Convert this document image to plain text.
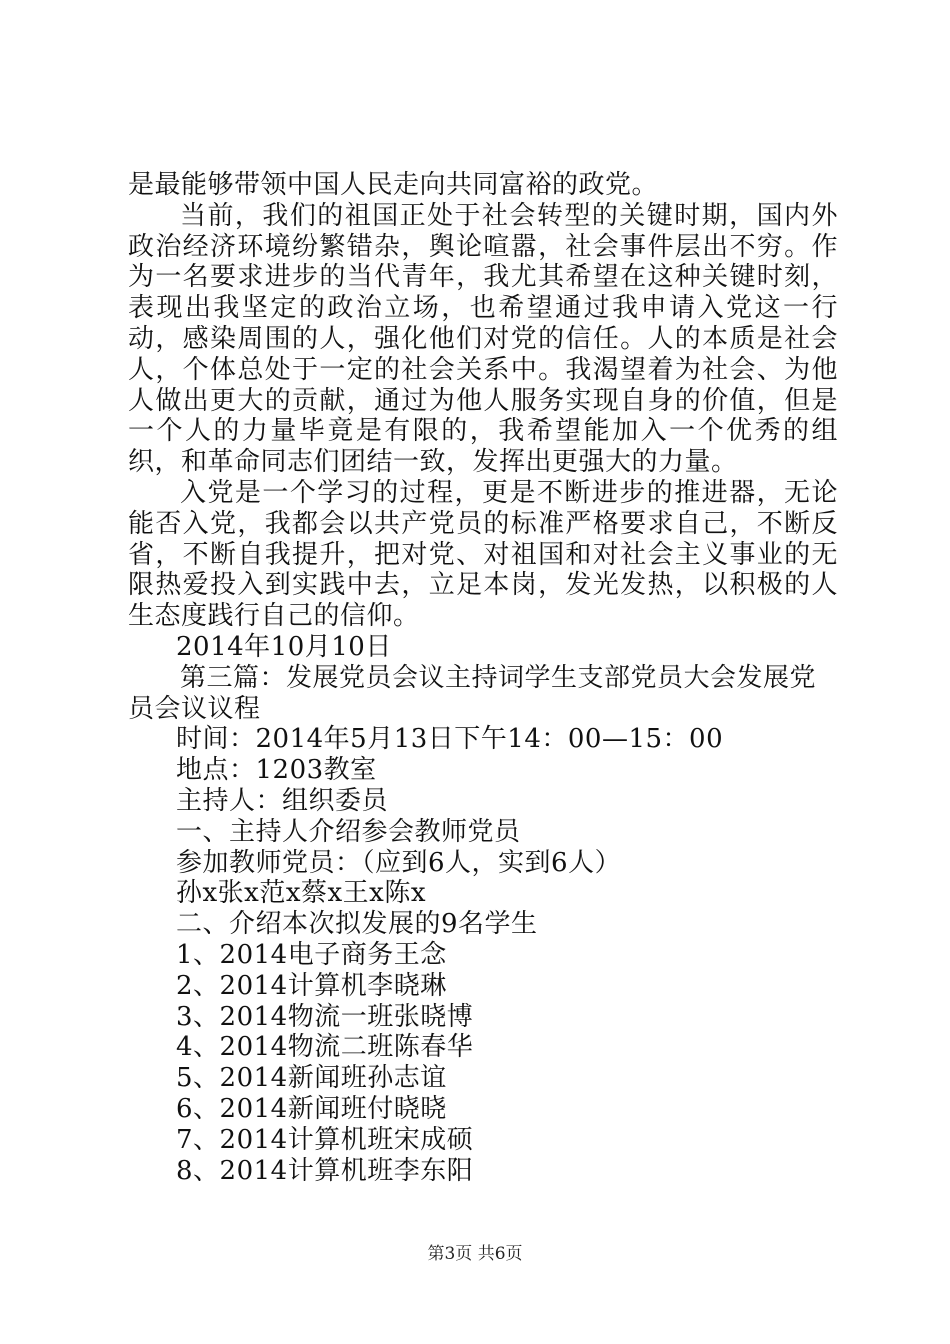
是最能够带领中国人民走向共同富裕的政党。

当前，我们的祖国正处于社会转型的关键时期，国内外政治经济环境纷繁错杂，舆论喧嚣，社会事件层出不穷。作为一名要求进步的当代青年，我尤其希望在这种关键时刻，表现出我坚定的政治立场，也希望通过我申请入党这一行动，感染周围的人，强化他们对党的信任。人的本质是社会人，个体总处于一定的社会关系中。我渴望着为社会、为他人做出更大的贡献，通过为他人服务实现自身的价值，但是一个人的力量毕竟是有限的，我希望能加入一个优秀的组织，和革命同志们团结一致，发挥出更强大的力量。

入党是一个学习的过程，更是不断进步的推进器，无论能否入党，我都会以共产党员的标准严格要求自己，不断反省，不断自我提升，把对党、对祖国和对社会主义事业的无限热爱投入到实践中去，立足本岗，发光发热，以积极的人生态度践行自己的信仰。

2014年10月10日

第三篇：发展党员会议主持词学生支部党员大会发展党员会议议程

时间：2014年5月13日下午14：00—15：00

地点：1203教室

主持人：组织委员

一、主持人介绍参会教师党员

参加教师党员：（应到6人，实到6人）

孙x张x范x蔡x王x陈x

二、介绍本次拟发展的9名学生

1、2014电子商务王念
2、2014计算机李晓琳
3、2014物流一班张晓博
4、2014物流二班陈春华
5、2014新闻班孙志谊
6、2014新闻班付晓晓
7、2014计算机班宋成硕
8、2014计算机班李东阳
第3页 共6页
